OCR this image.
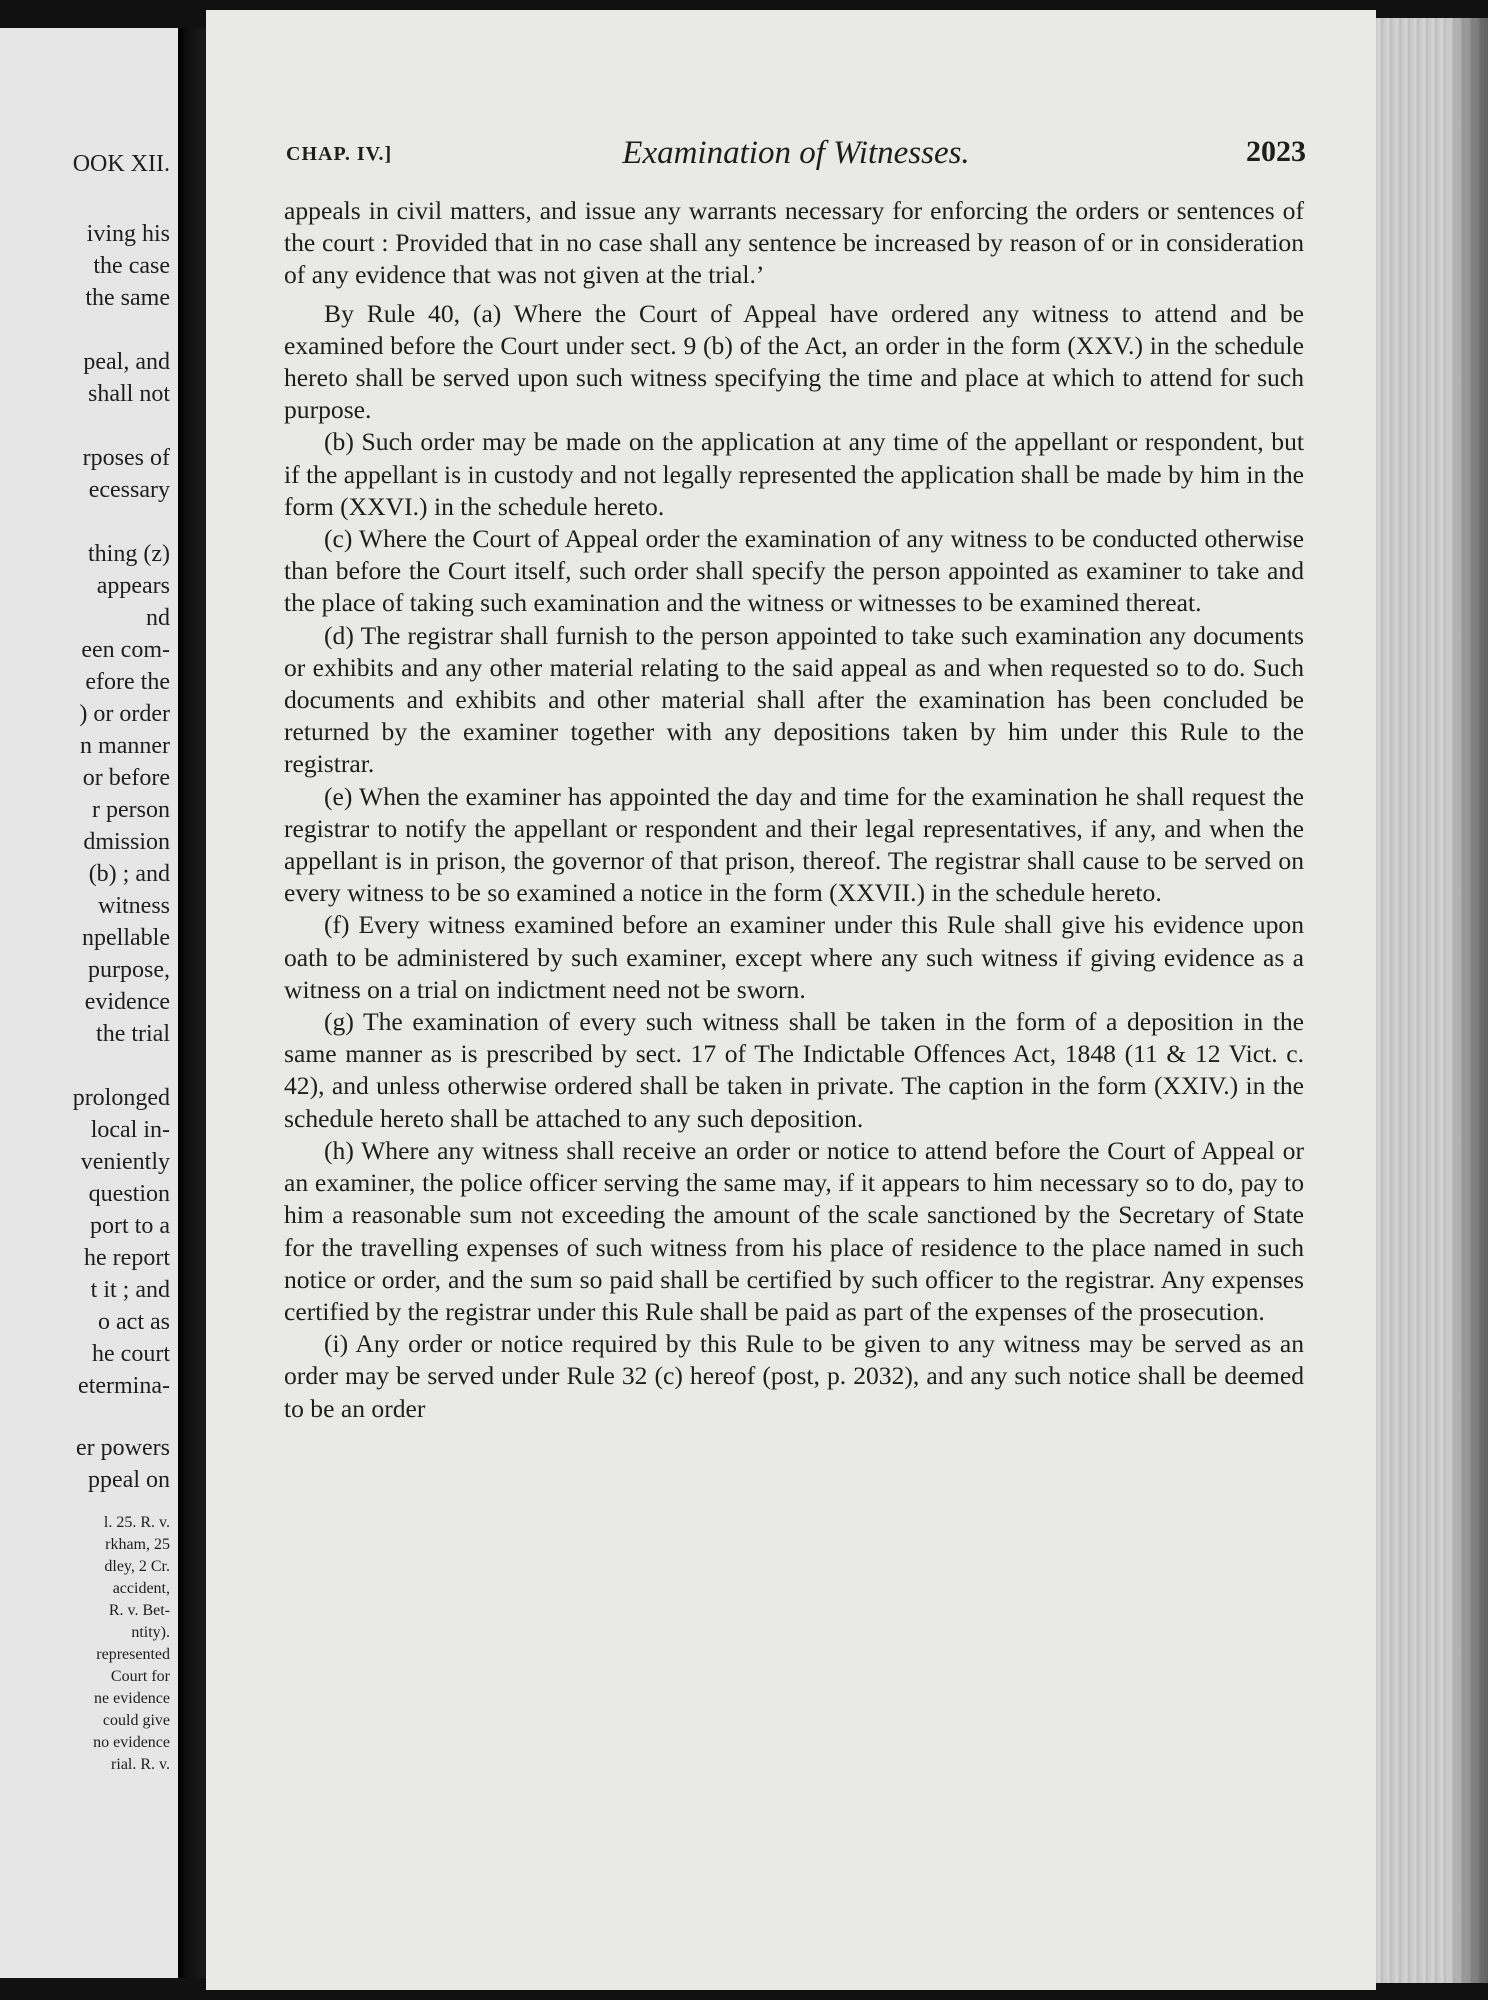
OOK XII.
iving his
the case
the same
peal, and
shall not
rposes of
ecessary
thing (z)
appears
nd
een com-
efore the
) or order
n manner
or before
r person
dmission
(b) ; and
witness
npellable
purpose,
evidence
the trial
prolonged
local in-
veniently
question
port to a
he report
t it ; and
o act as
he court
etermina-
er powers
ppeal on
l. 25. R. v.
rkham, 25
dley, 2 Cr.
accident,
R. v. Bet-
ntity).
represented
Court for
ne evidence
could give
no evidence
rial. R. v.
CHAP. IV.]	Examination of Witnesses.	2023

appeals in civil matters, and issue any warrants necessary for enforcing the orders or sentences of the court : Provided that in no case shall any sentence be increased by reason of or in consideration of any evidence that was not given at the trial.’

By Rule 40, (a) Where the Court of Appeal have ordered any witness to attend and be examined before the Court under sect. 9 (b) of the Act, an order in the form (XXV.) in the schedule hereto shall be served upon such witness specifying the time and place at which to attend for such purpose.

(b) Such order may be made on the application at any time of the appellant or respondent, but if the appellant is in custody and not legally represented the application shall be made by him in the form (XXVI.) in the schedule hereto.

(c) Where the Court of Appeal order the examination of any witness to be conducted otherwise than before the Court itself, such order shall specify the person appointed as examiner to take and the place of taking such examination and the witness or witnesses to be examined thereat.

(d) The registrar shall furnish to the person appointed to take such examination any documents or exhibits and any other material relating to the said appeal as and when requested so to do. Such documents and exhibits and other material shall after the examination has been concluded be returned by the examiner together with any depositions taken by him under this Rule to the registrar.

(e) When the examiner has appointed the day and time for the examination he shall request the registrar to notify the appellant or respondent and their legal representatives, if any, and when the appellant is in prison, the governor of that prison, thereof. The registrar shall cause to be served on every witness to be so examined a notice in the form (XXVII.) in the schedule hereto.

(f) Every witness examined before an examiner under this Rule shall give his evidence upon oath to be administered by such examiner, except where any such witness if giving evidence as a witness on a trial on indictment need not be sworn.

(g) The examination of every such witness shall be taken in the form of a deposition in the same manner as is prescribed by sect. 17 of The Indictable Offences Act, 1848 (11 & 12 Vict. c. 42), and unless otherwise ordered shall be taken in private. The caption in the form (XXIV.) in the schedule hereto shall be attached to any such deposition.

(h) Where any witness shall receive an order or notice to attend before the Court of Appeal or an examiner, the police officer serving the same may, if it appears to him necessary so to do, pay to him a reasonable sum not exceeding the amount of the scale sanctioned by the Secretary of State for the travelling expenses of such witness from his place of residence to the place named in such notice or order, and the sum so paid shall be certified by such officer to the registrar. Any expenses certified by the registrar under this Rule shall be paid as part of the expenses of the prosecution.

(i) Any order or notice required by this Rule to be given to any witness may be served as an order may be served under Rule 32 (c) hereof (post, p. 2032), and any such notice shall be deemed to be an order
